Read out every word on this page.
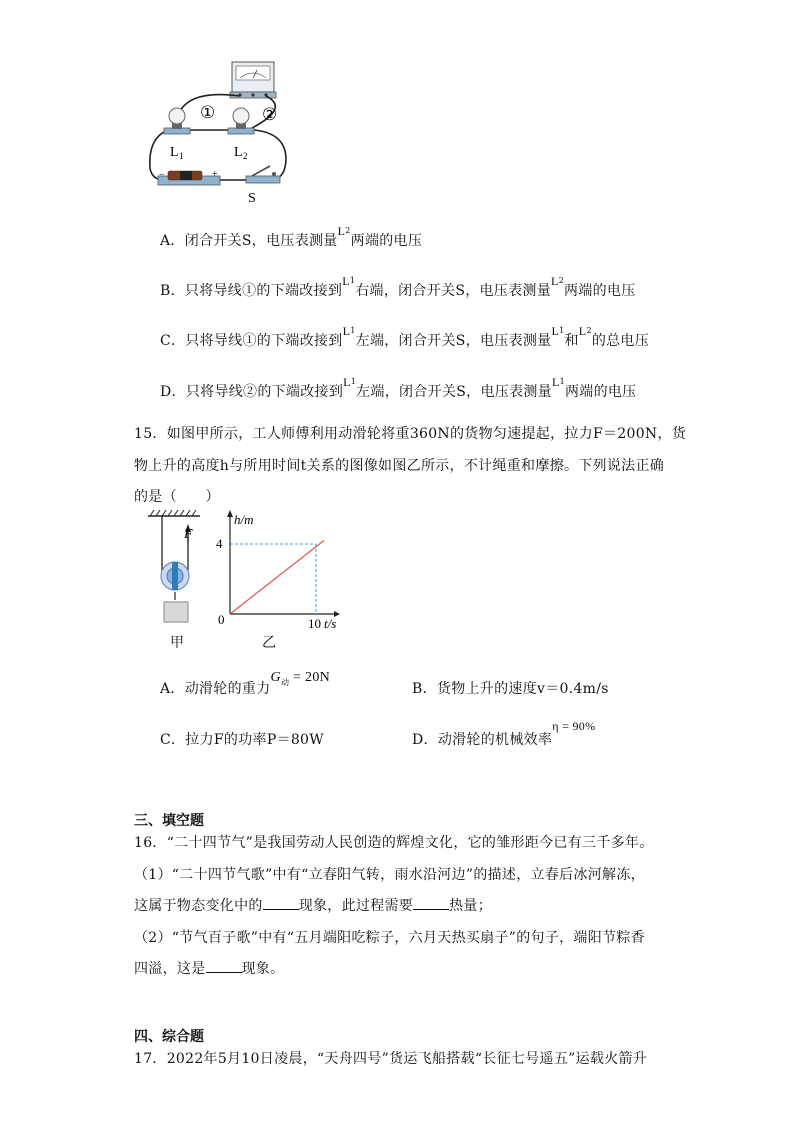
①	②
L 1	L 2
−	+
S
A．闭合开关S，电压表测量$L^2$两端的电压
B．只将导线①的下端改接到$L^1$右端，闭合开关S，电压表测量$L^2$两端的电压
C．只将导线①的下端改接到$L^1$左端，闭合开关S，电压表测量$L^1$和$L^2$的总电压
D．只将导线②的下端改接到$L^1$左端，闭合开关S，电压表测量$L^1$两端的电压
15．如图甲所示，工人师傅利用动滑轮将重360N的货物匀速提起，拉力F＝200N，货
物上升的高度h与所用时间t关系的图像如图乙所示，不计绳重和摩擦。下列说法正确
的是（　　）
F
甲
h/m
4
0	10 t/s
乙
A．动滑轮的重力$G^动 = 20N$
B．货物上升的速度v＝0.4m/s
C．拉力F的功率P＝80W	D．动滑轮的机械效率η = 90%
三、填空题
16．“二十四节气”是我国劳动人民创造的辉煌文化，它的雏形距今已有三千多年。
（1）“二十四节气歌”中有“立春阳气转，雨水沿河边”的描述，立春后冰河解冻，
这属于物态变化中的	现象，此过程需要	热量；
（2）“节气百子歌”中有“五月端阳吃粽子，六月天热买扇子”的句子，端阳节粽香
四溢，这是	现象。
四、综合题
17．2022年5月10日凌晨，“天舟四号”货运飞船搭载“长征七号遥五”运载火箭升
